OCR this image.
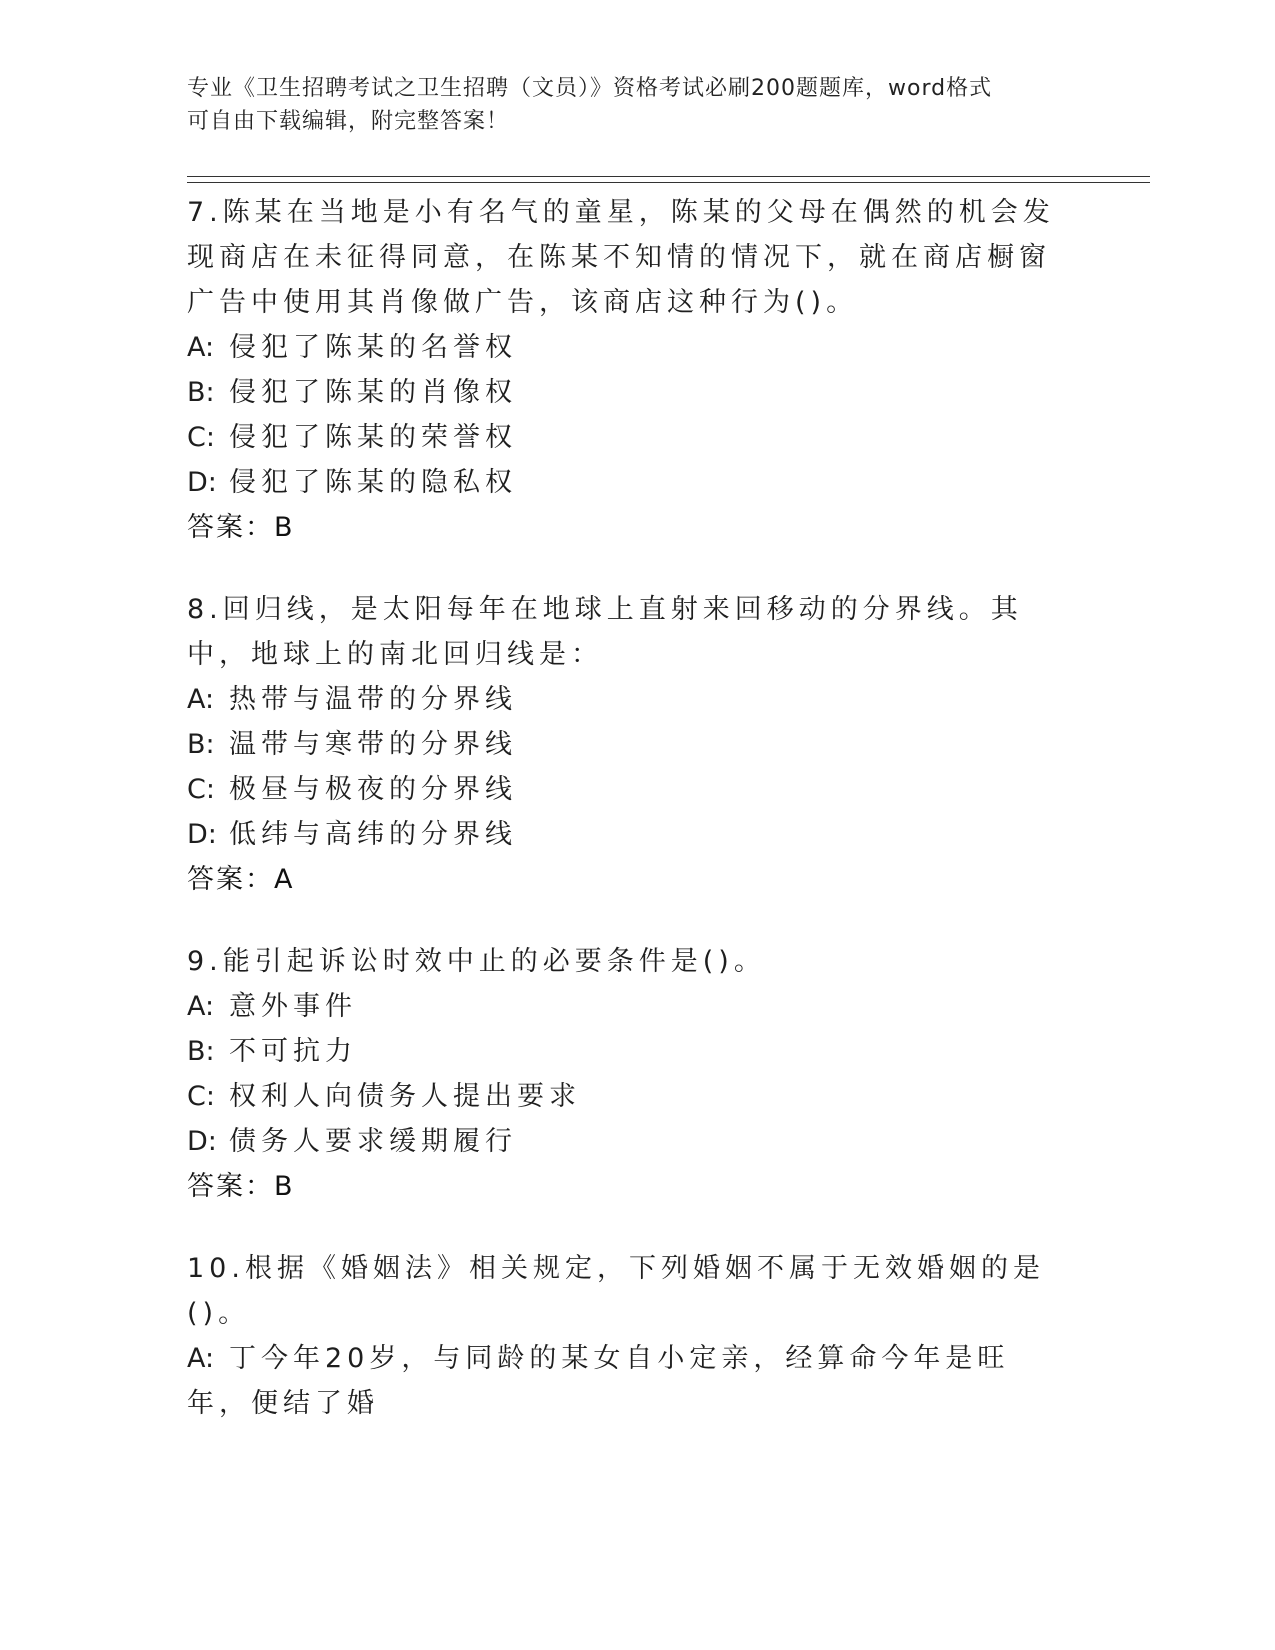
专业《卫生招聘考试之卫生招聘（文员）》资格考试必刷200题题库，word格式
可自由下载编辑，附完整答案！

7.陈某在当地是小有名气的童星，陈某的父母在偶然的机会发现商店在未征得同意，在陈某不知情的情况下，就在商店橱窗广告中使用其肖像做广告，该商店这种行为()。

A: 侵犯了陈某的名誉权

B: 侵犯了陈某的肖像权

C: 侵犯了陈某的荣誉权

D: 侵犯了陈某的隐私权

答案：B

8.回归线，是太阳每年在地球上直射来回移动的分界线。其中，地球上的南北回归线是：

A: 热带与温带的分界线

B: 温带与寒带的分界线

C: 极昼与极夜的分界线

D: 低纬与高纬的分界线

答案：A

9.能引起诉讼时效中止的必要条件是()。

A: 意外事件

B: 不可抗力

C: 权利人向债务人提出要求

D: 债务人要求缓期履行

答案：B

10.根据《婚姻法》相关规定，下列婚姻不属于无效婚姻的是()。

A: 丁今年20岁，与同龄的某女自小定亲，经算命今年是旺年，便结了婚
